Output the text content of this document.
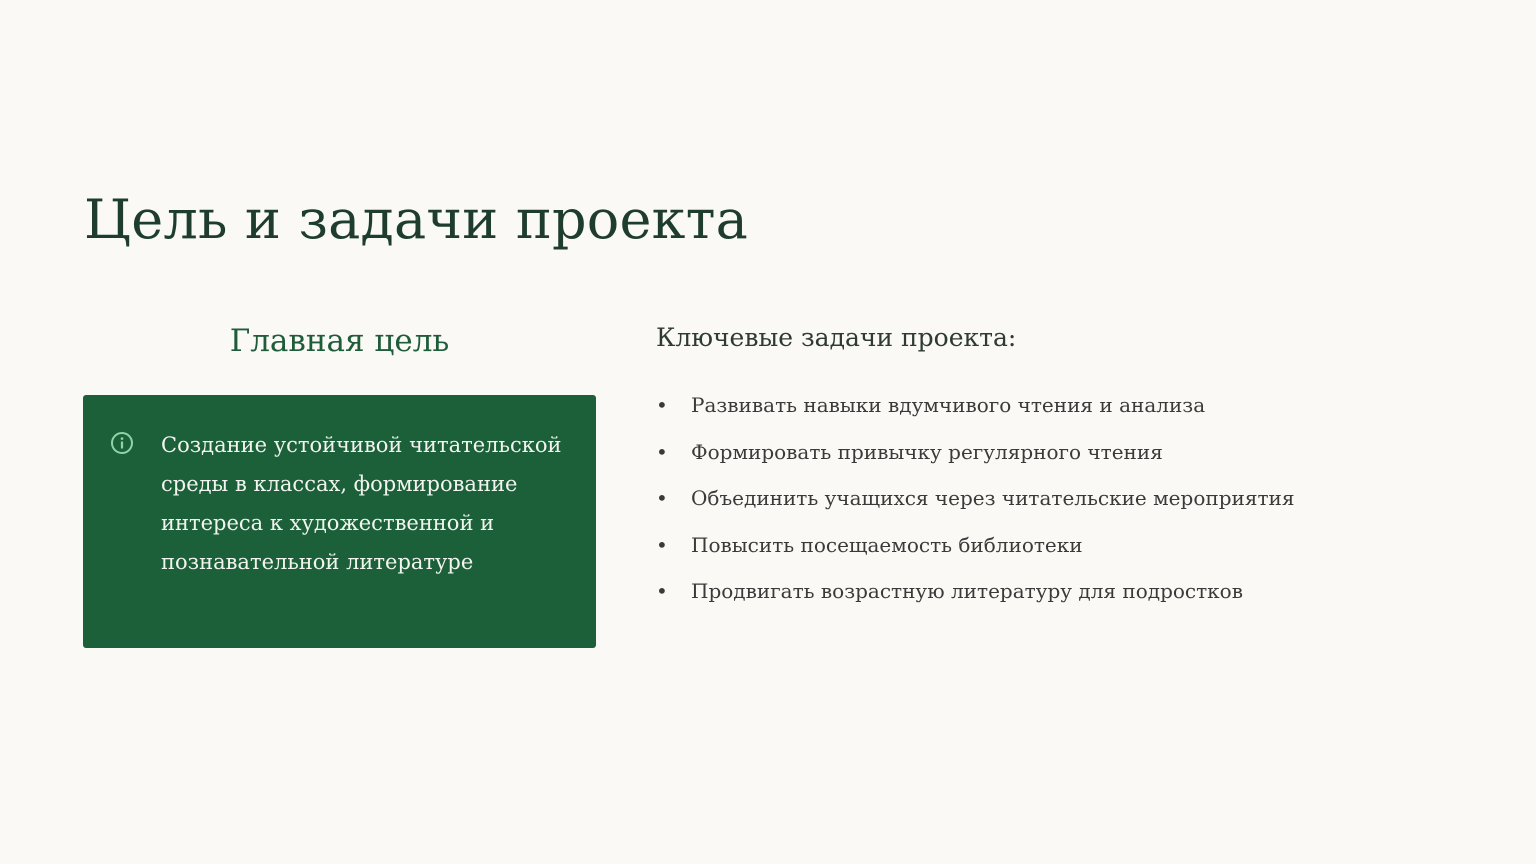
Цель и задачи проекта
Главная цель

Создание устойчивой читательской среды в классах, формирование интереса к художественной и познавательной литературе

Ключевые задачи проекта:
• Развивать навыки вдумчивого чтения и анализа
• Формировать привычку регулярного чтения
• Объединить учащихся через читательские мероприятия
• Повысить посещаемость библиотеки
• Продвигать возрастную литературу для подростков
